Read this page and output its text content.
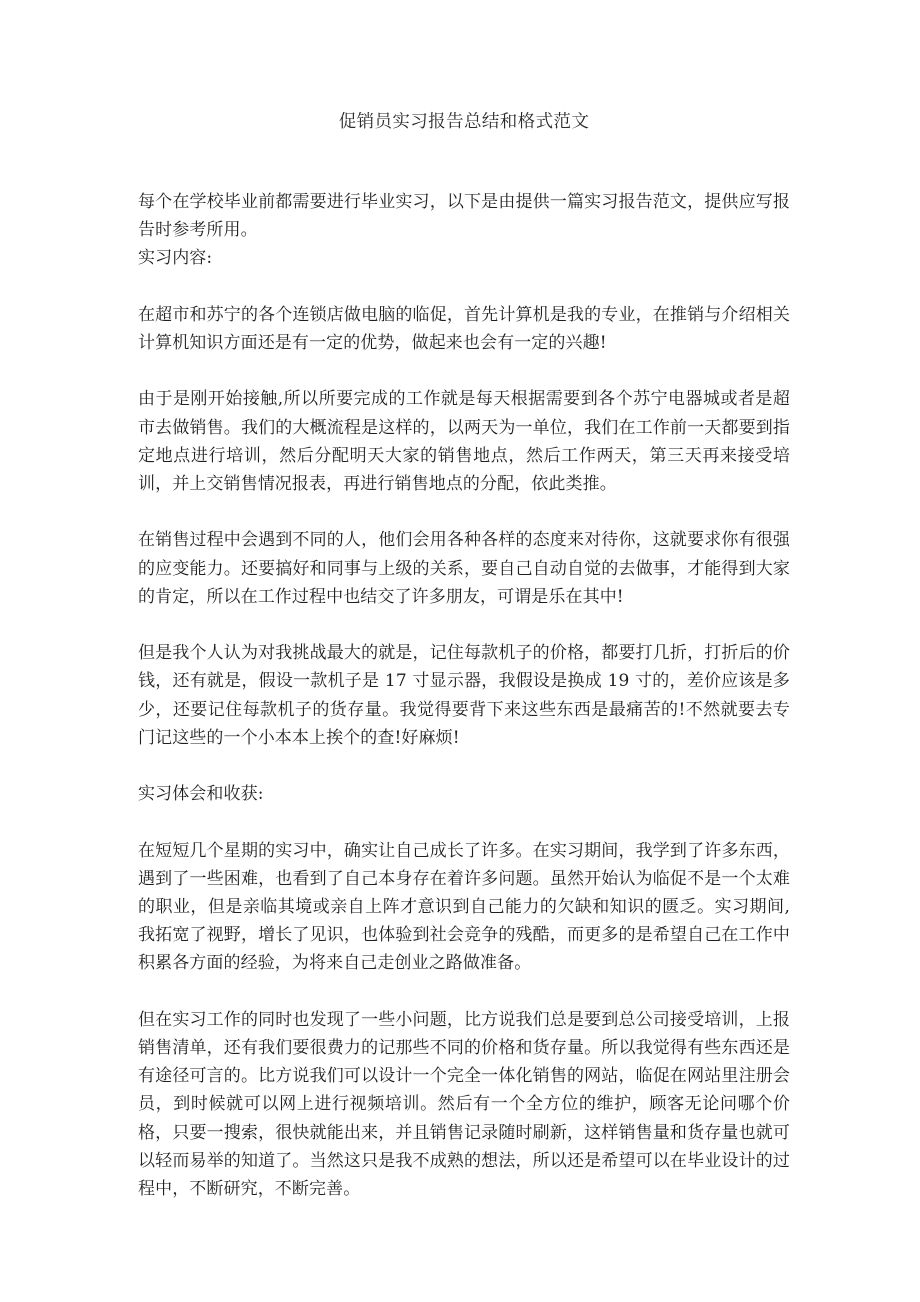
促销员实习报告总结和格式范文

每个在学校毕业前都需要进行毕业实习，以下是由提供一篇实习报告范文，提供应写报告时参考所用。

实习内容:

在超市和苏宁的各个连锁店做电脑的临促，首先计算机是我的专业，在推销与介绍相关计算机知识方面还是有一定的优势，做起来也会有一定的兴趣!

由于是刚开始接触,所以所要完成的工作就是每天根据需要到各个苏宁电器城或者是超市去做销售。我们的大概流程是这样的，以两天为一单位，我们在工作前一天都要到指定地点进行培训，然后分配明天大家的销售地点，然后工作两天，第三天再来接受培训，并上交销售情况报表，再进行销售地点的分配，依此类推。

在销售过程中会遇到不同的人，他们会用各种各样的态度来对待你，这就要求你有很强的应变能力。还要搞好和同事与上级的关系，要自己自动自觉的去做事，才能得到大家的肯定，所以在工作过程中也结交了许多朋友，可谓是乐在其中!

但是我个人认为对我挑战最大的就是，记住每款机子的价格，都要打几折，打折后的价钱，还有就是，假设一款机子是 17 寸显示器，我假设是换成 19 寸的，差价应该是多少，还要记住每款机子的货存量。我觉得要背下来这些东西是最痛苦的!不然就要去专门记这些的一个小本本上挨个的查!好麻烦!

实习体会和收获:

在短短几个星期的实习中，确实让自己成长了许多。在实习期间，我学到了许多东西，遇到了一些困难，也看到了自己本身存在着许多问题。虽然开始认为临促不是一个太难的职业，但是亲临其境或亲自上阵才意识到自己能力的欠缺和知识的匮乏。实习期间,我拓宽了视野，增长了见识，也体验到社会竞争的残酷，而更多的是希望自己在工作中积累各方面的经验，为将来自己走创业之路做准备。

但在实习工作的同时也发现了一些小问题，比方说我们总是要到总公司接受培训，上报销售清单，还有我们要很费力的记那些不同的价格和货存量。所以我觉得有些东西还是有途径可言的。比方说我们可以设计一个完全一体化销售的网站，临促在网站里注册会员，到时候就可以网上进行视频培训。然后有一个全方位的维护，顾客无论问哪个价格，只要一搜索，很快就能出来，并且销售记录随时刷新，这样销售量和货存量也就可以轻而易举的知道了。当然这只是我不成熟的想法，所以还是希望可以在毕业设计的过程中，不断研究，不断完善。
